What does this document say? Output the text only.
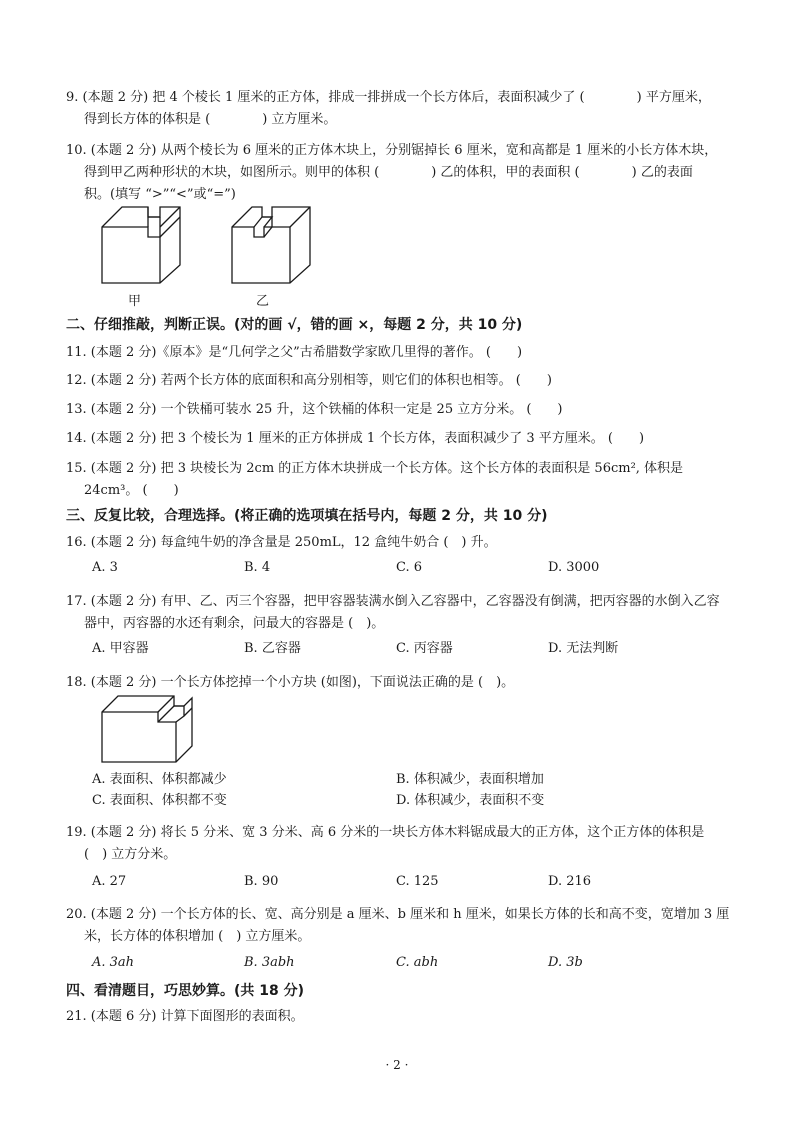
9. (本题 2 分) 把 4 个棱长 1 厘米的正方体，排成一排拼成一个长方体后，表面积减少了 (　　　　) 平方厘米，
得到长方体的体积是 (　　　　) 立方厘米。
10. (本题 2 分) 从两个棱长为 6 厘米的正方体木块上，分别锯掉长 6 厘米，宽和高都是 1 厘米的小长方体木块，
得到甲乙两种形状的木块，如图所示。则甲的体积 (　　　　) 乙的体积，甲的表面积 (　　　　) 乙的表面
积。(填写 “>”“<”或“=”)
甲	乙
二、仔细推敲，判断正误。(对的画 √，错的画 ×，每题 2 分，共 10 分)
11. (本题 2 分)《原本》是“几何学之父”古希腊数学家欧几里得的著作。 (　　)
12. (本题 2 分) 若两个长方体的底面积和高分别相等，则它们的体积也相等。 (　　)
13. (本题 2 分) 一个铁桶可装水 25 升，这个铁桶的体积一定是 25 立方分米。 (　　)
14. (本题 2 分) 把 3 个棱长为 1 厘米的正方体拼成 1 个长方体，表面积减少了 3 平方厘米。 (　　)
15. (本题 2 分) 把 3 块棱长为 2cm 的正方体木块拼成一个长方体。这个长方体的表面积是 56cm², 体积是
24cm³。 (　　)
三、反复比较，合理选择。(将正确的选项填在括号内，每题 2 分，共 10 分)
16. (本题 2 分) 每盒纯牛奶的净含量是 250mL，12 盒纯牛奶合 (　) 升。
A. 3	B. 4	C. 6	D. 3000
17. (本题 2 分) 有甲、乙、丙三个容器，把甲容器装满水倒入乙容器中，乙容器没有倒满，把丙容器的水倒入乙容
器中，丙容器的水还有剩余，问最大的容器是 (　)。
A. 甲容器	B. 乙容器	C. 丙容器	D. 无法判断
18. (本题 2 分) 一个长方体挖掉一个小方块 (如图)，下面说法正确的是 (　)。
A. 表面积、体积都减少	B. 体积减少，表面积增加
C. 表面积、体积都不变	D. 体积减少，表面积不变
19. (本题 2 分) 将长 5 分米、宽 3 分米、高 6 分米的一块长方体木料锯成最大的正方体，这个正方体的体积是
(　) 立方分米。
A. 27	B. 90	C. 125	D. 216
20. (本题 2 分) 一个长方体的长、宽、高分别是 a 厘米、b 厘米和 h 厘米，如果长方体的长和高不变，宽增加 3 厘
米，长方体的体积增加 (　) 立方厘米。
A. 3ah	B. 3abh	C. abh	D. 3b
四、看清题目，巧思妙算。(共 18 分)
21. (本题 6 分) 计算下面图形的表面积。
· 2 ·
